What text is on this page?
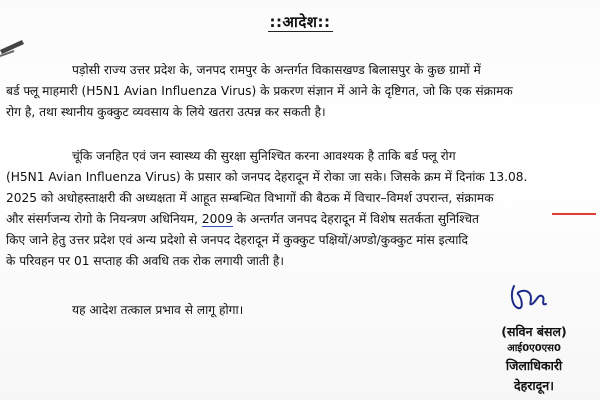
::आदेश::
पड़ोसी राज्य उत्तर प्रदेश के, जनपद रामपुर के अन्तर्गत विकासखण्ड बिलासपुर के कुछ ग्रामों में
बर्ड फ्लू माहमारी (H5N1 Avian Influenza Virus) के प्रकरण संज्ञान में आने के दृष्टिगत, जो कि एक संक्रामक
रोग है, तथा स्थानीय कुक्कुट व्यवसाय के लिये खतरा उत्पन्न कर सकती है।
चूंकि जनहित एवं जन स्वास्थ्य की सुरक्षा सुनिश्चित करना आवश्यक है ताकि बर्ड फ्लू रोग
(H5N1 Avian Influenza Virus) के प्रसार को जनपद देहरादून में रोका जा सके। जिसके क्रम में दिनांक 13.08.
2025 को अधोहस्ताक्षरी की अध्यक्षता में आहूत सम्बन्धित विभागों की बैठक में विचार–विमर्श उपरान्त, संक्रामक
और संसर्गजन्य रोगो के नियन्त्रण अधिनियम, 2009 के अन्तर्गत जनपद देहरादून में विशेष सतर्कता सुनिश्चित
किए जाने हेतु उत्तर प्रदेश एवं अन्य प्रदेशो से जनपद देहरादून में कुक्कुट पक्षियों/अण्डो/कुक्कुट मांस इत्यादि
के परिवहन पर 01 सप्ताह की अवधि तक रोक लगायी जाती है।
यह आदेश तत्काल प्रभाव से लागू होगा।
(सविन बंसल)
आई0ए0एस0
जिलाधिकारी
देहरादून।
